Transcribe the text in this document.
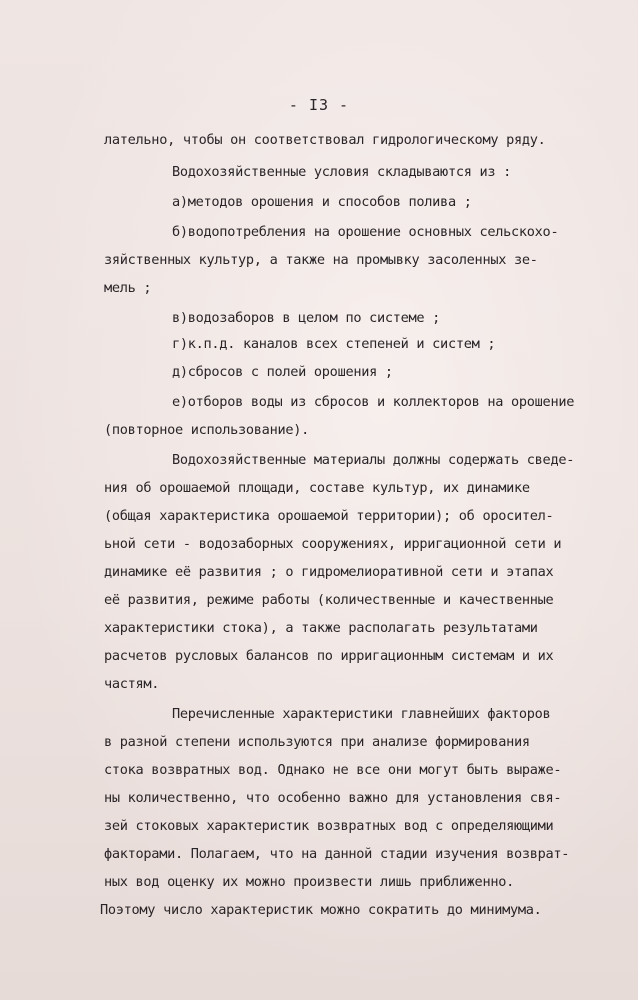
- I3 -
лательно, чтобы он соответствовал гидрологическому ряду.
Водохозяйственные условия складываются из :
а)методов орошения и способов полива ;
б)водопотребления на орошение основных сельскохо-
зяйственных культур, а также на промывку засоленных зе-
мель ;
в)водозаборов в целом по системе ;
г)к.п.д. каналов всех степеней и систем ;
д)сбросов с полей орошения ;
е)отборов воды из сбросов и коллекторов на орошение
(повторное использование).
Водохозяйственные материалы должны содержать сведе-
ния об орошаемой площади, составе культур, их динамике
(общая характеристика орошаемой территории); об оросител-
ьной сети - водозаборных сооружениях, ирригационной сети и
динамике её развития ; о гидромелиоративной сети и этапах
её развития, режиме работы (количественные и качественные
характеристики стока), а также располагать результатами
расчетов русловых балансов по ирригационным системам и их
частям.
Перечисленные характеристики главнейших факторов
в разной степени используются при анализе формирования
стока возвратных вод. Однако не все они могут быть выраже-
ны количественно, что особенно важно для установления свя-
зей стоковых характеристик возвратных вод с определяющими
факторами. Полагаем, что на данной стадии изучения возврат-
ных вод оценку их можно произвести лишь приближенно.
Поэтому число характеристик можно сократить до минимума.
